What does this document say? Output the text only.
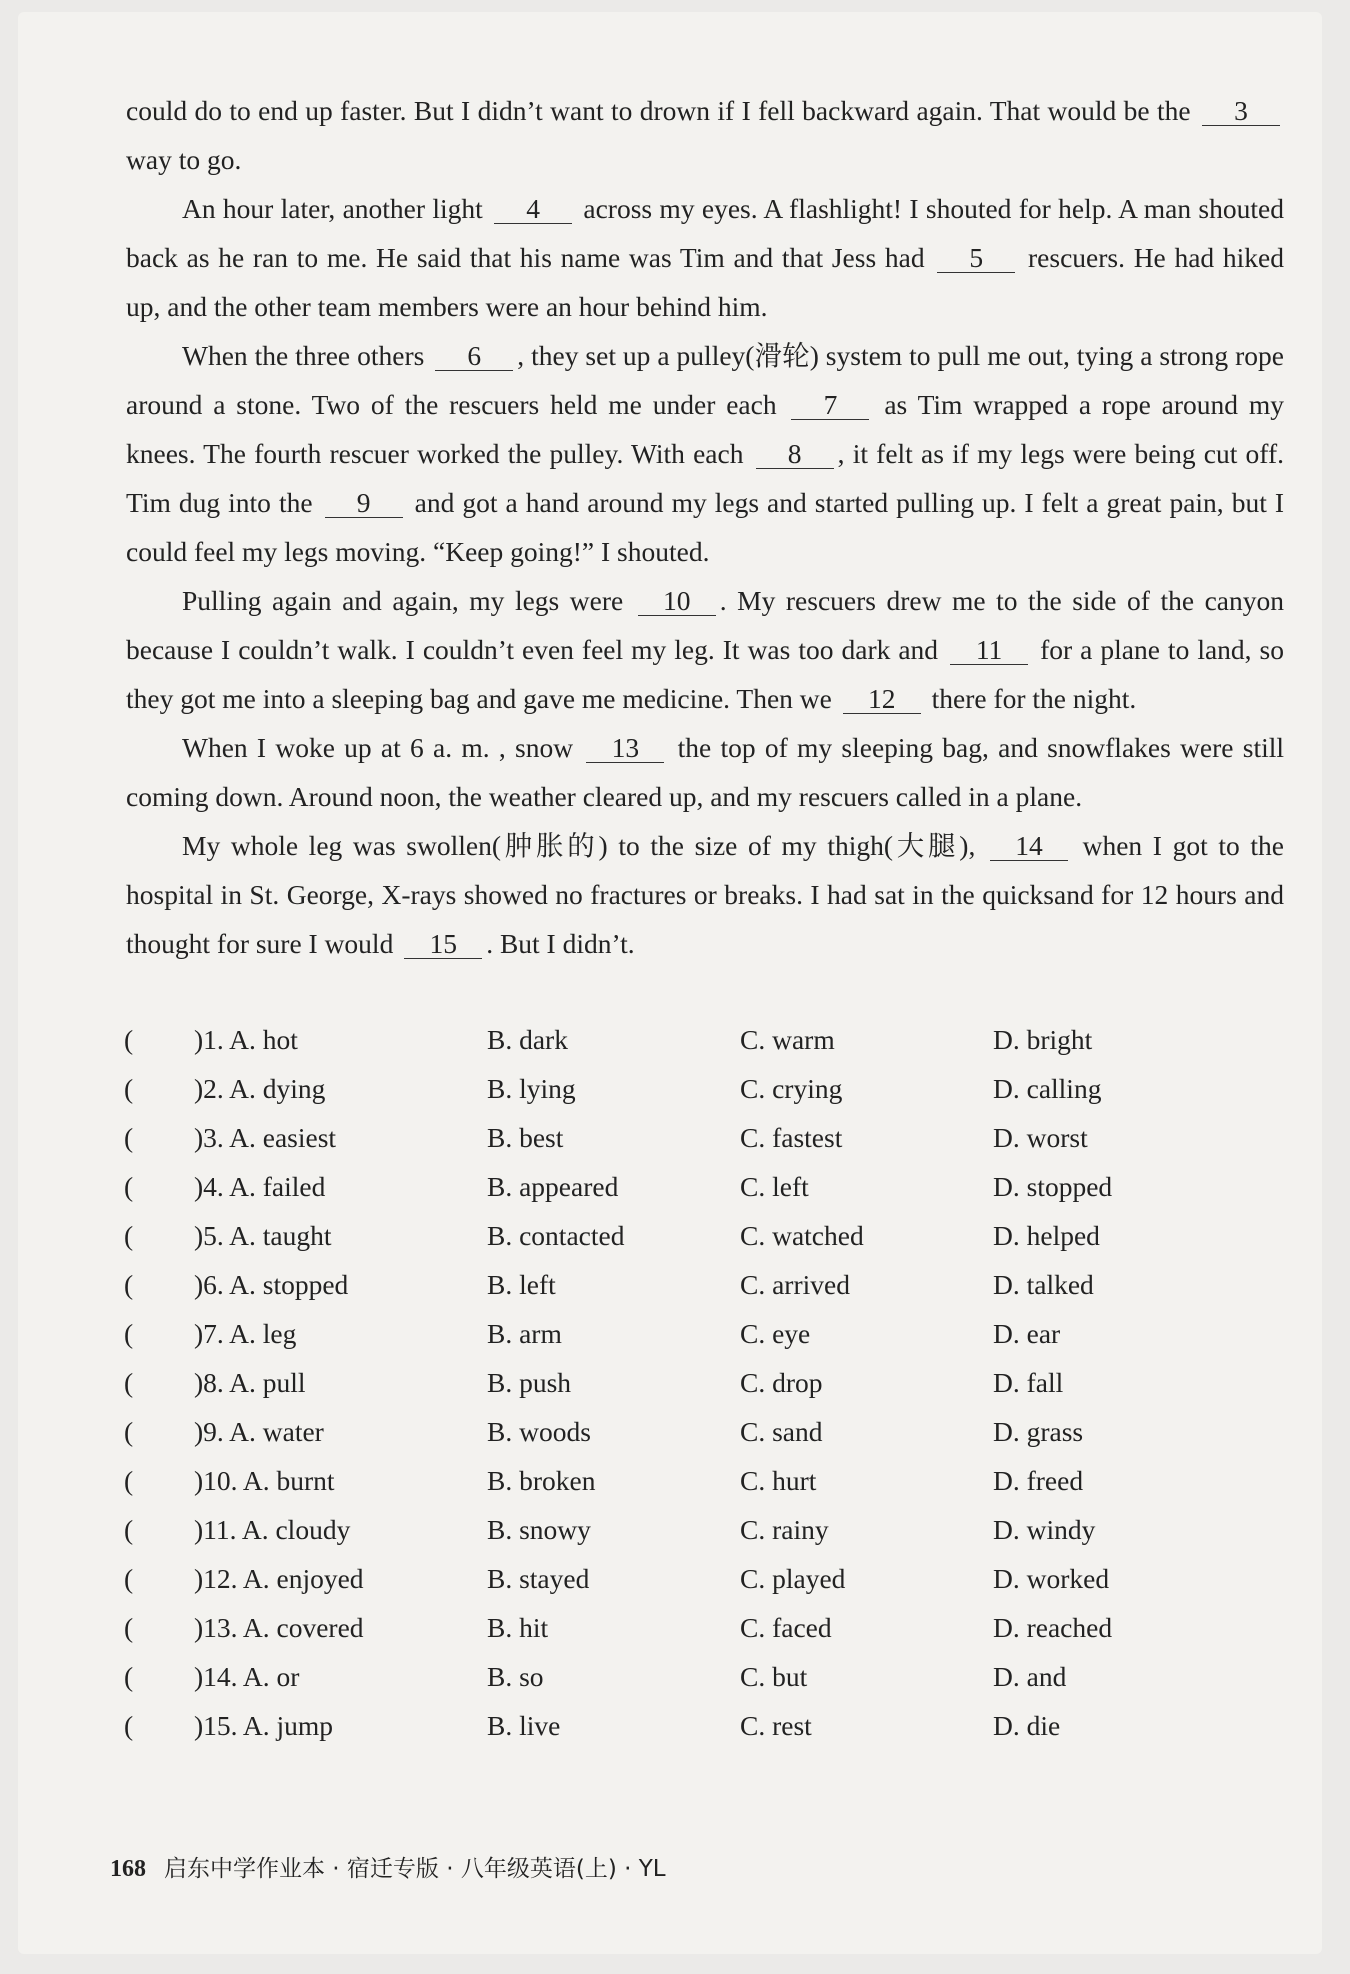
could do to end up faster. But I didn’t want to drown if I fell backward again. That would be the 3 way to go.

An hour later, another light 4 across my eyes. A flashlight! I shouted for help. A man shouted back as he ran to me. He said that his name was Tim and that Jess had 5 rescuers. He had hiked up, and the other team members were an hour behind him.

When the three others 6 , they set up a pulley(滑轮) system to pull me out, tying a strong rope around a stone. Two of the rescuers held me under each 7 as Tim wrapped a rope around my knees. The fourth rescuer worked the pulley. With each 8 , it felt as if my legs were being cut off. Tim dug into the 9 and got a hand around my legs and started pulling up. I felt a great pain, but I could feel my legs moving. “Keep going!” I shouted.

Pulling again and again, my legs were 10 . My rescuers drew me to the side of the canyon because I couldn’t walk. I couldn’t even feel my leg. It was too dark and 11 for a plane to land, so they got me into a sleeping bag and gave me medicine. Then we 12 there for the night.

When I woke up at 6 a. m. , snow 13 the top of my sleeping bag, and snowflakes were still coming down. Around noon, the weather cleared up, and my rescuers called in a plane.

My whole leg was swollen(肿胀的) to the size of my thigh(大腿), 14 when I got to the hospital in St. George, X-rays showed no fractures or breaks. I had sat in the quicksand for 12 hours and thought for sure I would 15 . But I didn’t.

( )1. A. hot	B. dark	C. warm	D. bright
( )2. A. dying	B. lying	C. crying	D. calling
( )3. A. easiest	B. best	C. fastest	D. worst
( )4. A. failed	B. appeared	C. left	D. stopped
( )5. A. taught	B. contacted	C. watched	D. helped
( )6. A. stopped	B. left	C. arrived	D. talked
( )7. A. leg	B. arm	C. eye	D. ear
( )8. A. pull	B. push	C. drop	D. fall
( )9. A. water	B. woods	C. sand	D. grass
( )10. A. burnt	B. broken	C. hurt	D. freed
( )11. A. cloudy	B. snowy	C. rainy	D. windy
( )12. A. enjoyed	B. stayed	C. played	D. worked
( )13. A. covered	B. hit	C. faced	D. reached
( )14. A. or	B. so	C. but	D. and
( )15. A. jump	B. live	C. rest	D. die
168 启东中学作业本 · 宿迁专版 · 八年级英语(上) · YL
